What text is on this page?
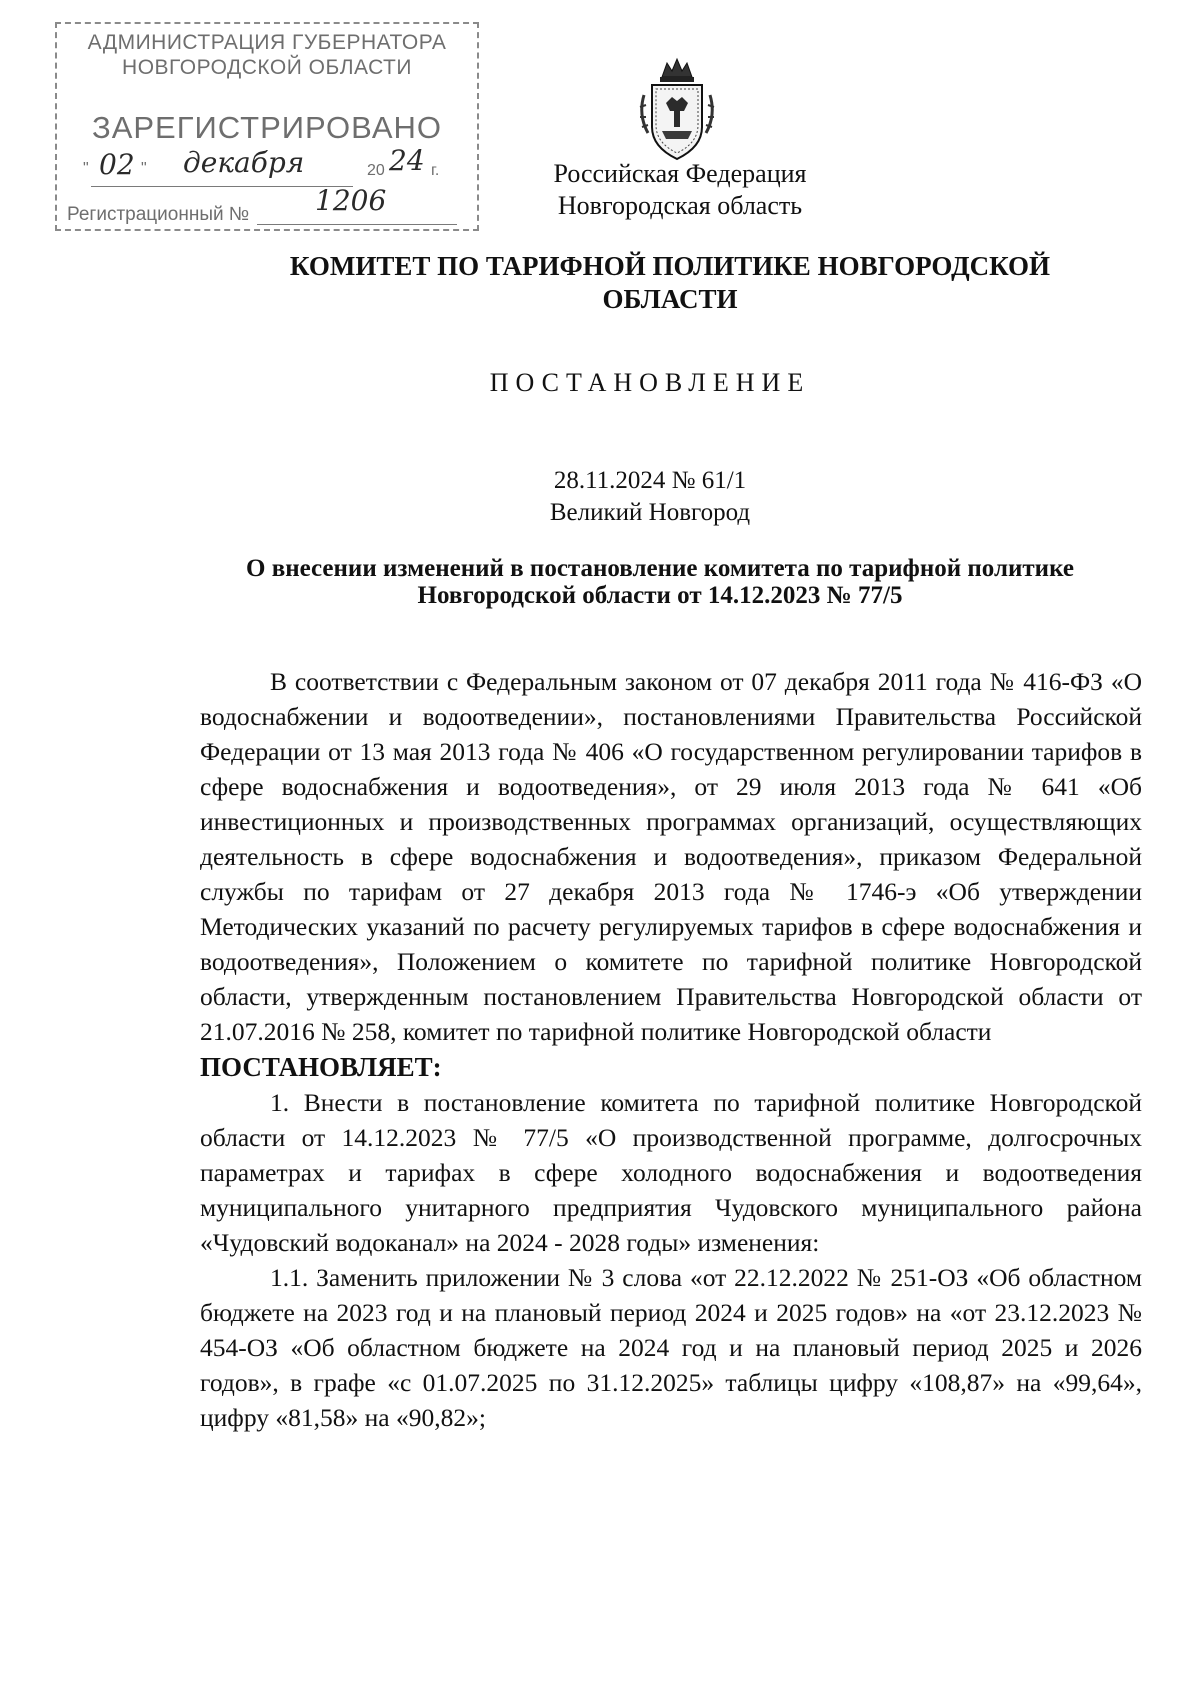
АДМИНИСТРАЦИЯ ГУБЕРНАТОРА
НОВГОРОДСКОЙ ОБЛАСТИ
ЗАРЕГИСТРИРОВАНО
" 02 " декабря	20 24 г.
Регистрационный № 1206
Российская Федерация
Новгородская область
КОМИТЕТ ПО ТАРИФНОЙ ПОЛИТИКЕ НОВГОРОДСКОЙ ОБЛАСТИ
ПОСТАНОВЛЕНИЕ
28.11.2024 № 61/1
Великий Новгород
О внесении изменений в постановление комитета по тарифной политике Новгородской области от 14.12.2023 № 77/5

В соответствии с Федеральным законом от 07 декабря 2011 года № 416-ФЗ «О водоснабжении и водоотведении», постановлениями Правительства Российской Федерации от 13 мая 2013 года № 406 «О государственном регулировании тарифов в сфере водоснабжения и водоотведения», от 29 июля 2013 года № 641 «Об инвестиционных и производственных программах организаций, осуществляющих деятельность в сфере водоснабжения и водоотведения», приказом Федеральной службы по тарифам от 27 декабря 2013 года № 1746-э «Об утверждении Методических указаний по расчету регулируемых тарифов в сфере водоснабжения и водоотведения», Положением о комитете по тарифной политике Новгородской области, утвержденным постановлением Правительства Новгородской области от 21.07.2016 № 258, комитет по тарифной политике Новгородской области

ПОСТАНОВЛЯЕТ:

1. Внести в постановление комитета по тарифной политике Новгородской области от 14.12.2023 № 77/5 «О производственной программе, долгосрочных параметрах и тарифах в сфере холодного водоснабжения и водоотведения муниципального унитарного предприятия Чудовского муниципального района «Чудовский водоканал» на 2024 - 2028 годы» изменения:

1.1. Заменить приложении № 3 слова «от 22.12.2022 № 251-ОЗ «Об областном бюджете на 2023 год и на плановый период 2024 и 2025 годов» на «от 23.12.2023 № 454-ОЗ «Об областном бюджете на 2024 год и на плановый период 2025 и 2026 годов», в графе «с 01.07.2025 по 31.12.2025» таблицы цифру «108,87» на «99,64», цифру «81,58» на «90,82»;
